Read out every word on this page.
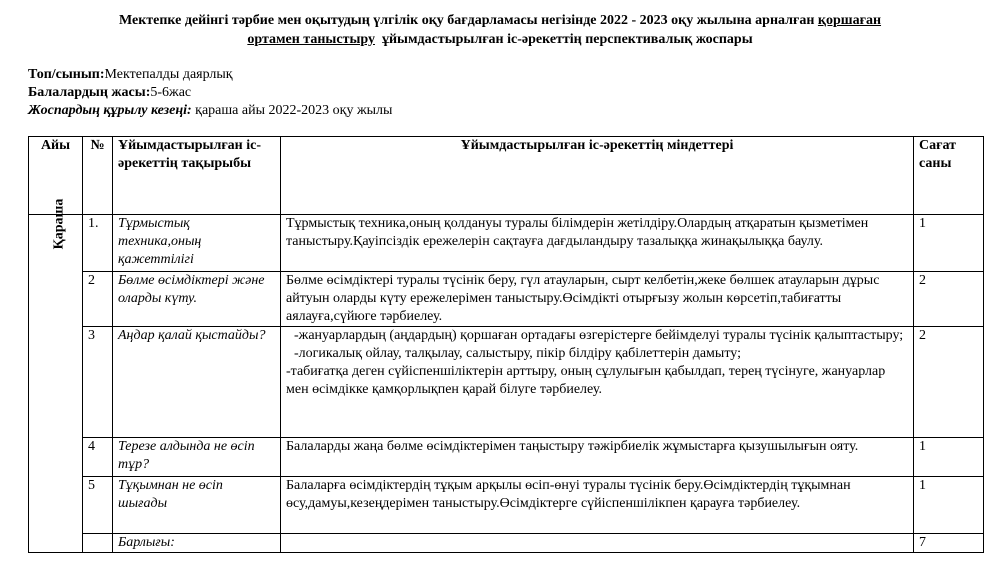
Мектепке дейінгі тәрбие мен оқытудың үлгілік оқу бағдарламасы негізінде 2022 - 2023 оқу жылына арналған қоршаған
ортамен таныстыру ұйымдастырылған іс-әрекеттің перспективалық жоспары
Топ/сынып:Мектепалды даярлық
Балалардың жасы:5-6жас
Жоспардың құрылу кезеңі: қараша айы 2022-2023 оқу жылы
Айы	№	Ұйымдастырылған іс-әрекеттің тақырыбы	Ұйымдастырылған іс-әрекеттің міндеттері	Сағат саны
Қараша	1.	Тұрмыстық техника,оның қажеттілігі	Тұрмыстық техника,оның қолдануы туралы білімдерін жетілдіру.Олардың атқаратын қызметімен таныстыру.Қауіпсіздік ережелерін сақтауға дағдыландыру тазалыққа жинақылыққа баулу.	1
	2	Бөлме өсімдіктері және оларды күту.	Бөлме өсімдіктері туралы түсінік беру, гүл атауларын, сырт келбетін,жеке бөлшек атауларын дұрыс айтуын оларды күту ережелерімен таныстыру.Өсімдікті отырғызу жолын көрсетіп,табиғатты аялауға,сүйюге тәрбиелеу.	2
	3	Аңдар қалай қыстайды?	-жануарлардың (аңдардың) қоршаған ортадағы өзгерістерге бейімделуі туралы түсінік қалыптастыру;
-логикалық ойлау, талқылау, салыстыру, пікір білдіру қабілеттерін дамыту;
-табиғатқа деген сүйіспеншіліктерін арттыру, оның сұлулығын қабылдап, терең түсінуге, жануарлар мен өсімдікке қамқорлықпен қарай білуге тәрбиелеу.	2
	4	Терезе алдында не өсіп тұр?	Балаларды жаңа бөлме өсімдіктерімен таңыстыру тәжірбиелік жұмыстарға қызушылығын ояту.	1
	5	Тұқымнан не өсіп шығады	Балаларға өсімдіктердің тұқым арқылы өсіп-өнуі туралы түсінік беру.Өсімдіктердің тұқымнан
өсу,дамуы,кезеңдерімен таныстыру.Өсімдіктерге сүйіспеншілікпен қарауға тәрбиелеу.	1
		Барлығы:		7
